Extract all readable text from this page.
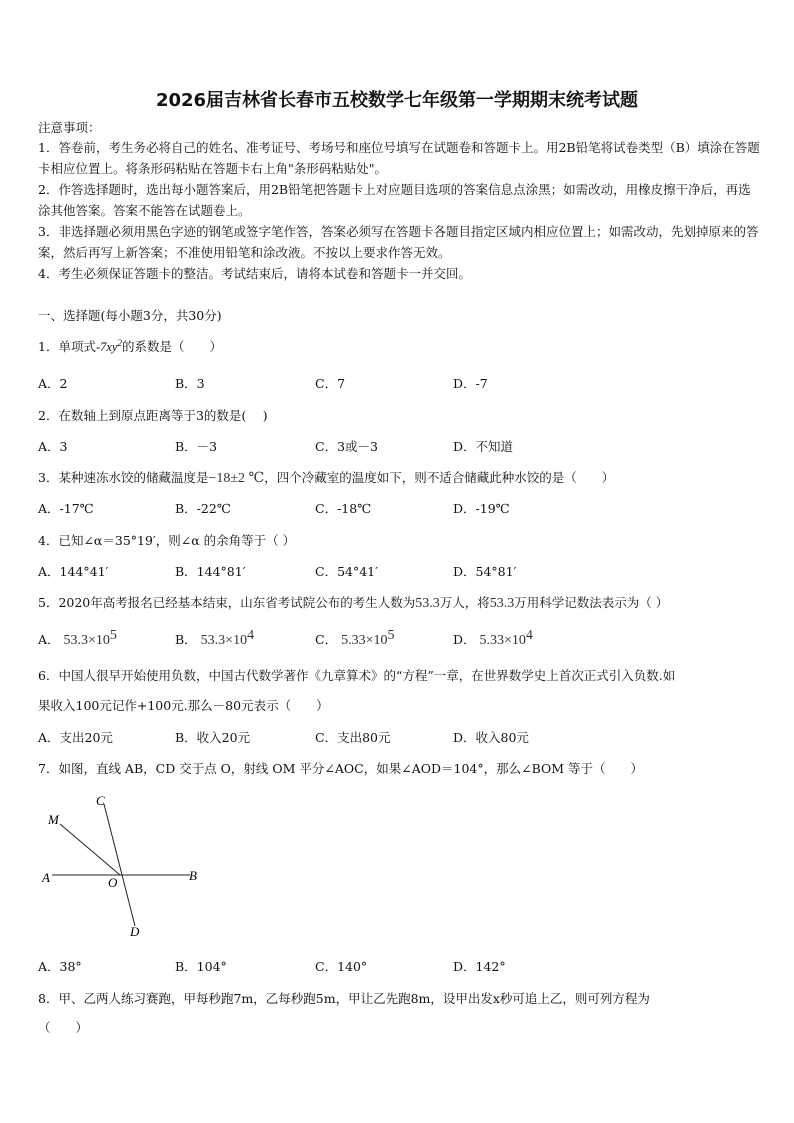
2026届吉林省长春市五校数学七年级第一学期期末统考试题
注意事项：
1．答卷前，考生务必将自己的姓名、准考证号、考场号和座位号填写在试题卷和答题卡上。用2B铅笔将试卷类型（B）填涂在答题卡相应位置上。将条形码粘贴在答题卡右上角"条形码粘贴处"。
2．作答选择题时，选出每小题答案后，用2B铅笔把答题卡上对应题目选项的答案信息点涂黑；如需改动，用橡皮擦干净后，再选涂其他答案。答案不能答在试题卷上。
3．非选择题必须用黑色字迹的钢笔或签字笔作答，答案必须写在答题卡各题目指定区域内相应位置上；如需改动，先划掉原来的答案，然后再写上新答案；不准使用铅笔和涂改液。不按以上要求作答无效。
4．考生必须保证答题卡的整洁。考试结束后，请将本试卷和答题卡一并交回。
一、选择题(每小题3分，共30分)
1．单项式$-7xy^2$的系数是（　　）
A．2	B．3	C．7	D．-7
2．在数轴上到原点距离等于3的数是(　 )
A．3	B．－3	C．3或－3	D．不知道
3．某种速冻水饺的储藏温度是−18±2 ℃，四个冷藏室的温度如下，则不适合储藏此种水饺的是（　　）
A．-17℃	B．-22℃	C．-18℃	D．-19℃
4．已知∠α＝35°19′，则∠α 的余角等于（ ）
A．144°41′	B．144°81′	C．54°41′	D．54°81′
5．2020年高考报名已经基本结束，山东省考试院公布的考生人数为53.3万人，将53.3万用科学记数法表示为（ ）
A． $53.3\times 10^5$	B． $53.3\times 10^4$	C． $5.33\times 10^5$	D． $5.33\times 10^4$
6．中国人很早开始使用负数，中国古代数学著作《九章算术》的“方程”一章，在世界数学史上首次正式引入负数.如
果收入100元记作+100元.那么－80元表示（　　）
A．支出20元	B．收入20元	C．支出80元	D．收入80元
7．如图，直线 AB，CD 交于点 O，射线 OM 平分∠AOC，如果∠AOD＝104°，那么∠BOM 等于（　　）
C
M
A	O	B
D
A．38°	B．104°	C．140°	D．142°
8．甲、乙两人练习赛跑，甲每秒跑7m，乙每秒跑5m，甲让乙先跑8m，设甲出发x秒可追上乙，则可列方程为
（　　）
